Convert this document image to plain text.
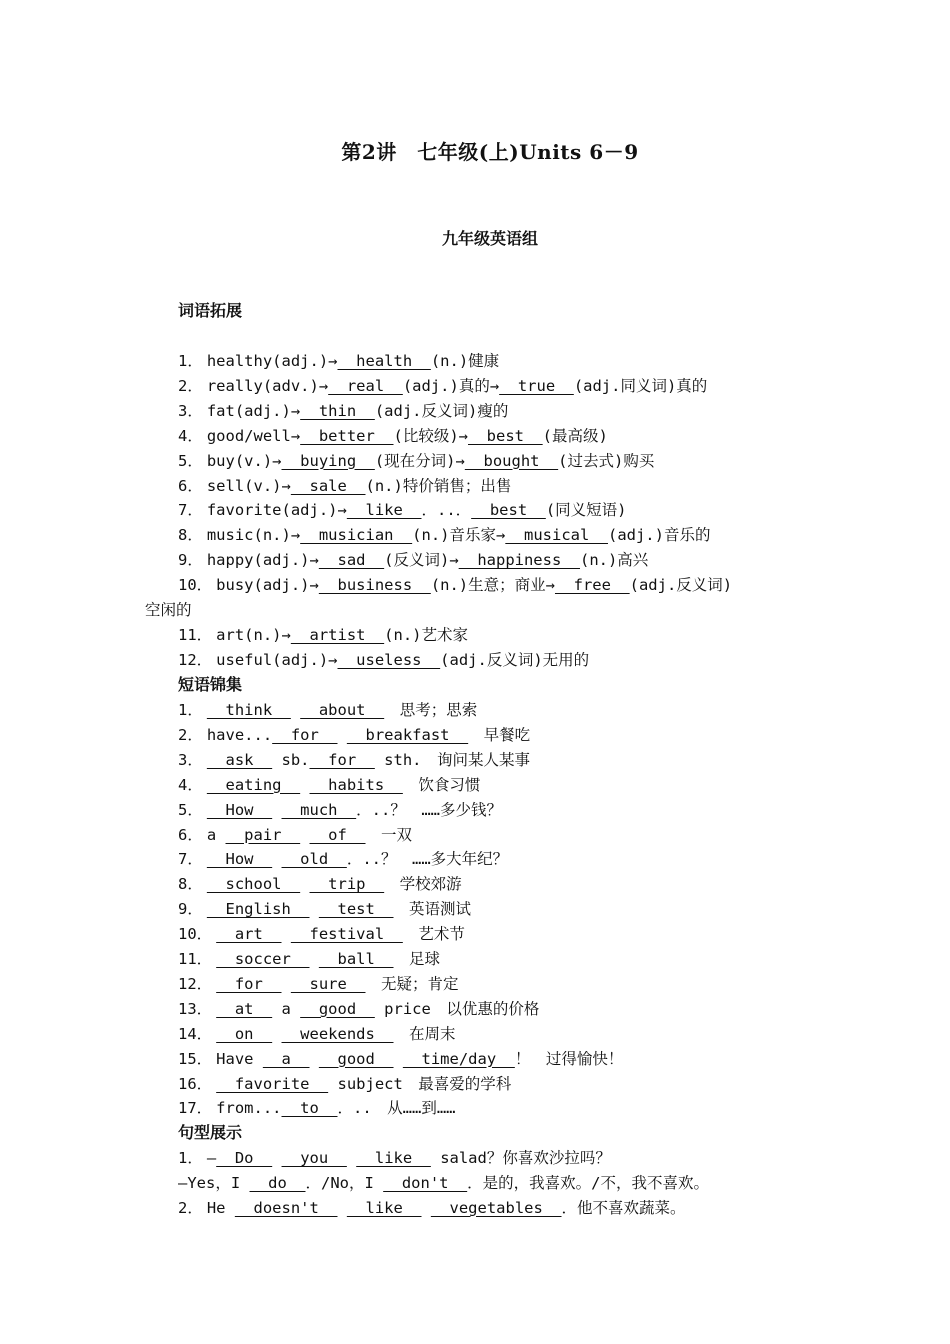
第2讲　七年级(上)Units 6－9
九年级英语组
词语拓展
1． healthy(adj.)→  health  (n.)健康
2． really(adv.)→  real  (adj.)真的→  true  (adj.同义词)真的
3． fat(adj.)→  thin  (adj.反义词)瘦的
4． good/well→  better  (比较级)→  best  (最高级)
5． buy(v.)→  buying  (现在分词)→  bought  (过去式)购买
6． sell(v.)→  sale  (n.)特价销售；出售
7． favorite(adj.)→  like  ．..．  best  (同义短语)
8． music(n.)→  musician  (n.)音乐家→  musical  (adj.)音乐的
9． happy(adj.)→  sad  (反义词)→  happiness  (n.)高兴
10． busy(adj.)→  business  (n.)生意；商业→  free  (adj.反义词)
空闲的
11． art(n.)→  artist  (n.)艺术家
12． useful(adj.)→  useless  (adj.反义词)无用的
短语锦集
1．  think     about  　思考；思索
2． have...  for     breakfast  　早餐吃
3．  ask   sb.  for   sth.　询问某人某事
4．  eating     habits  　饮食习惯
5．  How     much  ．..？　……多少钱？
6． a   pair     of  　一双
7．  How     old  ．..？　……多大年纪？
8．  school     trip  　学校郊游
9．  English     test  　英语测试
10．  art     festival  　艺术节
11．  soccer     ball  　足球
12．  for     sure  　无疑；肯定
13．  at   a   good   price　以优惠的价格
14．  on     weekends  　在周末
15． Have   a     good     time/day  ！　过得愉快！
16．  favorite   subject　最喜爱的学科
17． from...  to  ．..　从……到……
句型展示
1． —  Do     you     like   salad？你喜欢沙拉吗？
—Yes，I   do  ．/No，I   don't  ．是的，我喜欢。/不，我不喜欢。
2． He   doesn't     like     vegetables  ．他不喜欢蔬菜。
